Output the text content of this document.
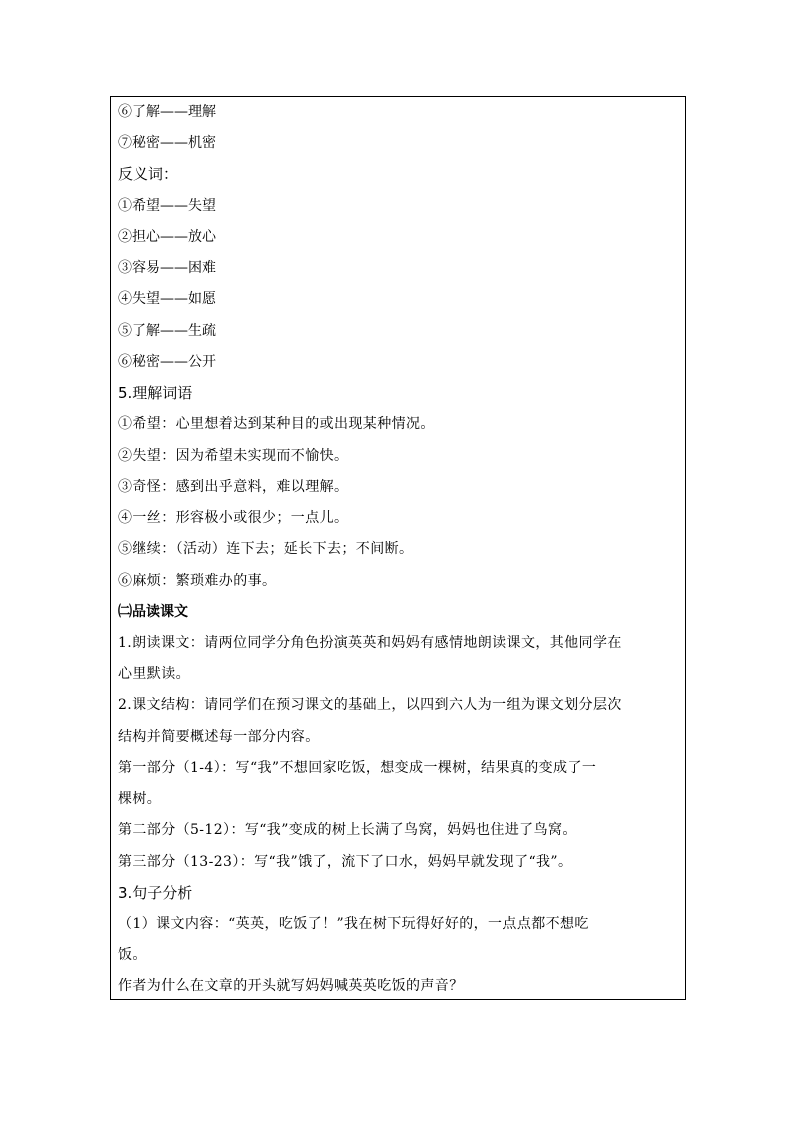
⑥了解——理解
⑦秘密——机密
反义词：
①希望——失望
②担心——放心
③容易——困难
④失望——如愿
⑤了解——生疏
⑥秘密——公开
5.理解词语
①希望：心里想着达到某种目的或出现某种情况。
②失望：因为希望未实现而不愉快。
③奇怪：感到出乎意料，难以理解。
④一丝：形容极小或很少；一点儿。
⑤继续：（活动）连下去；延长下去；不间断。
⑥麻烦：繁琐难办的事。
㈡品读课文
1.朗读课文：请两位同学分角色扮演英英和妈妈有感情地朗读课文，其他同学在
心里默读。
2.课文结构：请同学们在预习课文的基础上，以四到六人为一组为课文划分层次
结构并简要概述每一部分内容。
第一部分（1-4）：写“我”不想回家吃饭，想变成一棵树，结果真的变成了一
棵树。
第二部分（5-12）：写“我”变成的树上长满了鸟窝，妈妈也住进了鸟窝。
第三部分（13-23）：写“我”饿了，流下了口水，妈妈早就发现了“我”。
3.句子分析
（1）课文内容：“英英，吃饭了！”我在树下玩得好好的，一点点都不想吃
饭。
作者为什么在文章的开头就写妈妈喊英英吃饭的声音？
